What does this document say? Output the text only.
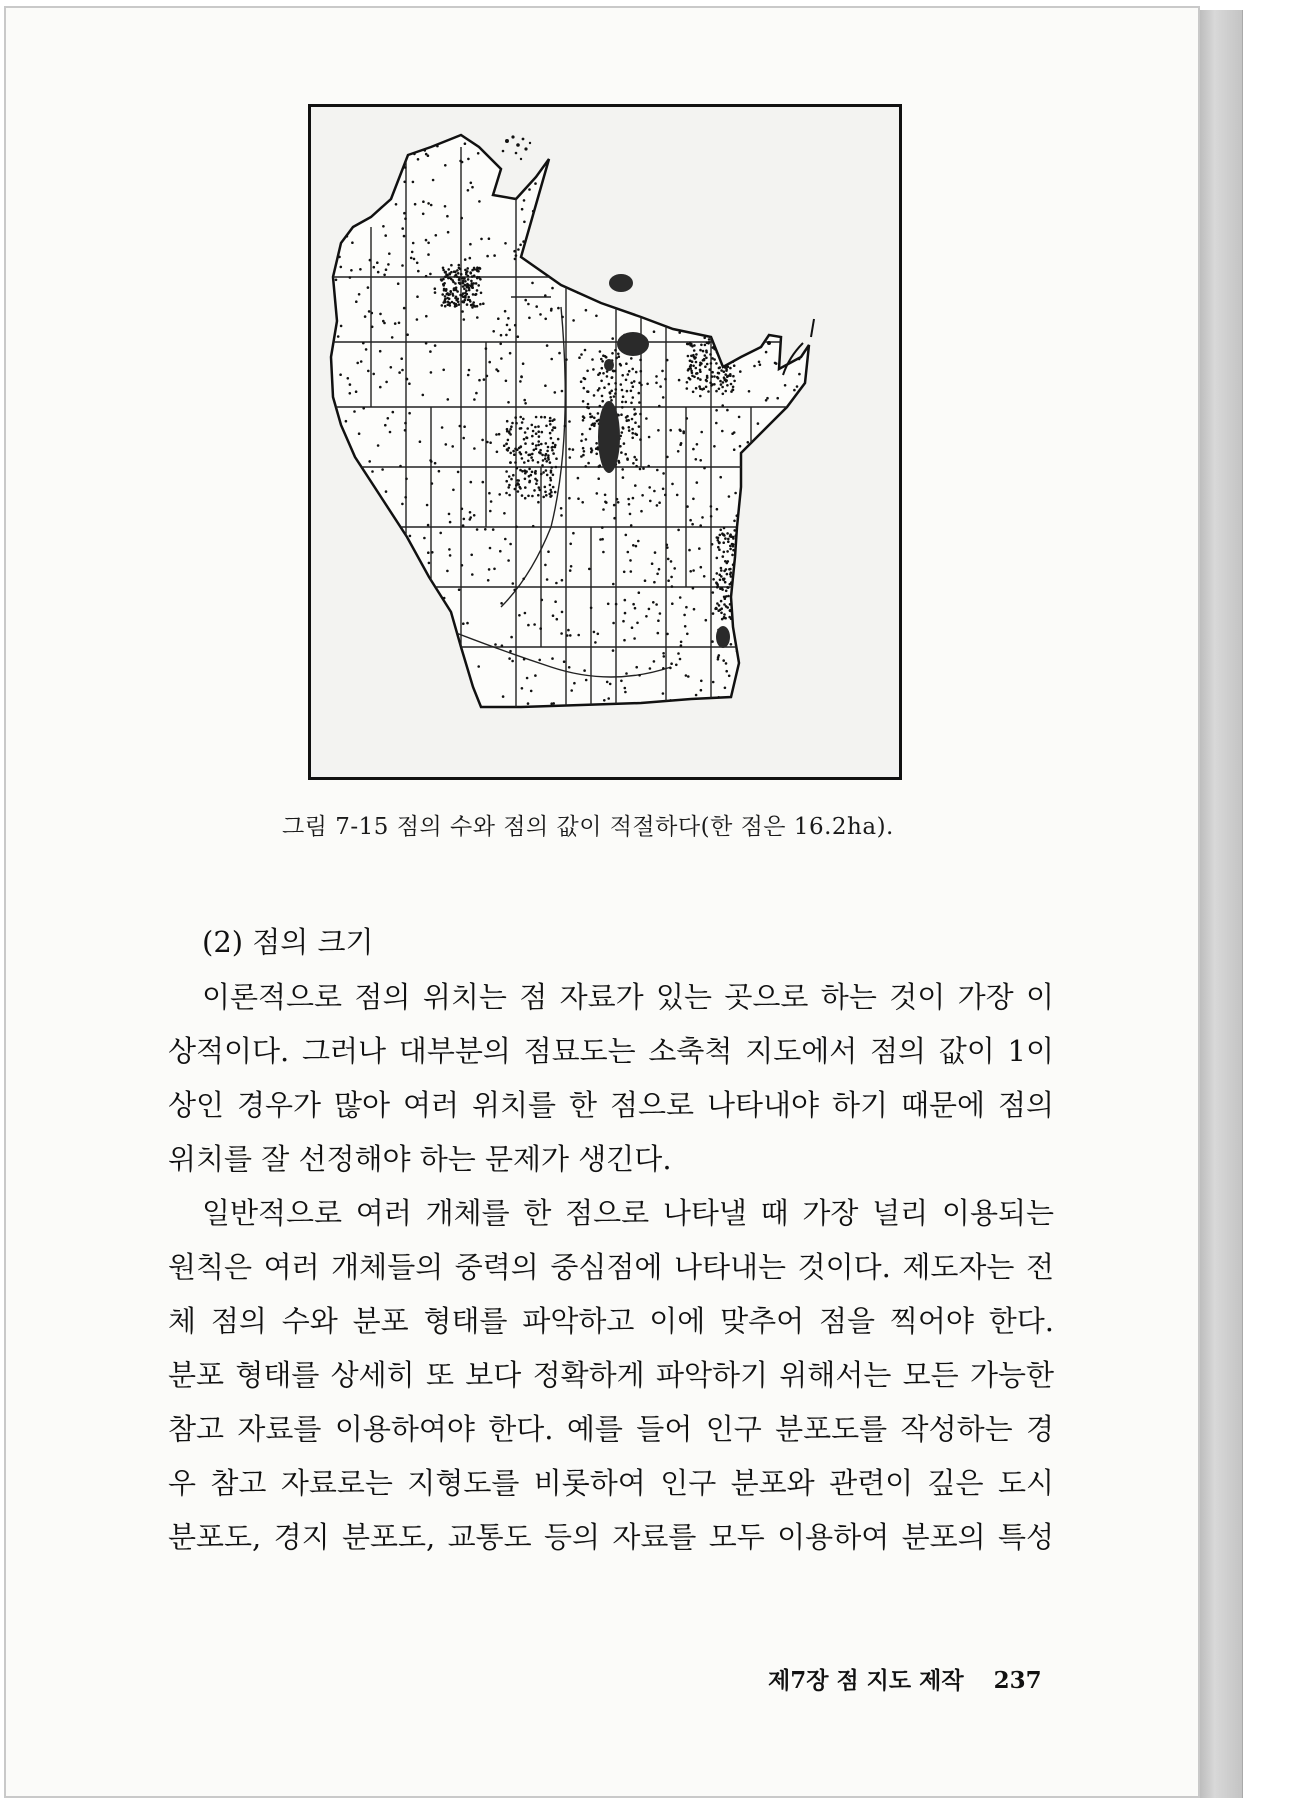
그림 7-15 점의 수와 점의 값이 적절하다(한 점은 16.2ha).
(2) 점의 크기

이론적으로 점의 위치는 점 자료가 있는 곳으로 하는 것이 가장 이
상적이다. 그러나 대부분의 점묘도는 소축척 지도에서 점의 값이 1이
상인 경우가 많아 여러 위치를 한 점으로 나타내야 하기 때문에 점의
위치를 잘 선정해야 하는 문제가 생긴다.

일반적으로 여러 개체를 한 점으로 나타낼 때 가장 널리 이용되는
원칙은 여러 개체들의 중력의 중심점에 나타내는 것이다. 제도자는 전
체 점의 수와 분포 형태를 파악하고 이에 맞추어 점을 찍어야 한다.
분포 형태를 상세히 또 보다 정확하게 파악하기 위해서는 모든 가능한
참고 자료를 이용하여야 한다. 예를 들어 인구 분포도를 작성하는 경
우 참고 자료로는 지형도를 비롯하여 인구 분포와 관련이 깊은 도시
분포도, 경지 분포도, 교통도 등의 자료를 모두 이용하여 분포의 특성

제7장 점 지도 제작 237
